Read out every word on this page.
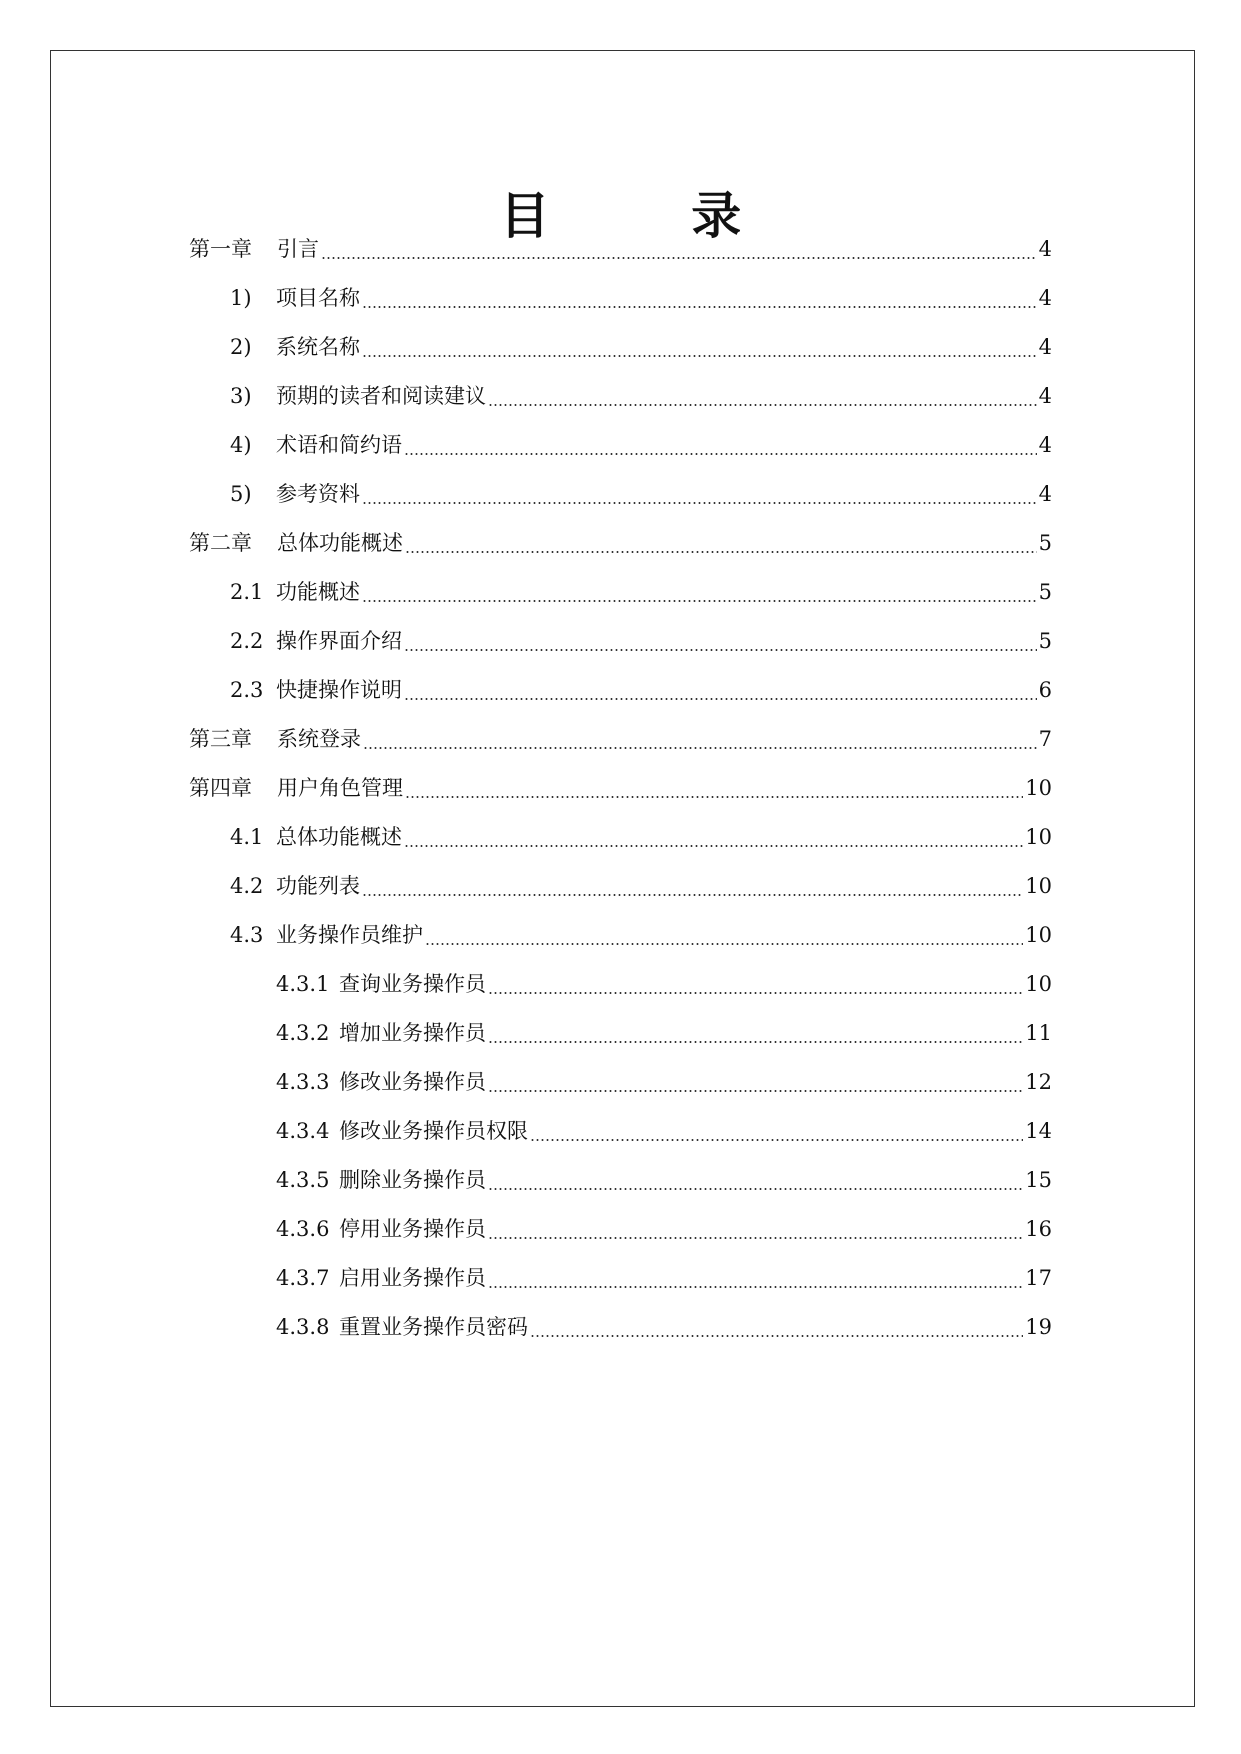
目 录
第一章	引言	4
1)	项目名称	4
2)	系统名称	4
3)	预期的读者和阅读建议	4
4)	术语和简约语	4
5)	参考资料	4
第二章	总体功能概述	5
2.1 功能概述	5
2.2 操作界面介绍	5
2.3 快捷操作说明	6
第三章	系统登录	7
第四章	用户角色管理	10
4.1 总体功能概述	10
4.2 功能列表	10
4.3 业务操作员维护	10
4.3.1 查询业务操作员	10
4.3.2 增加业务操作员	11
4.3.3 修改业务操作员	12
4.3.4 修改业务操作员权限	14
4.3.5 删除业务操作员	15
4.3.6 停用业务操作员	16
4.3.7 启用业务操作员	17
4.3.8 重置业务操作员密码	19
